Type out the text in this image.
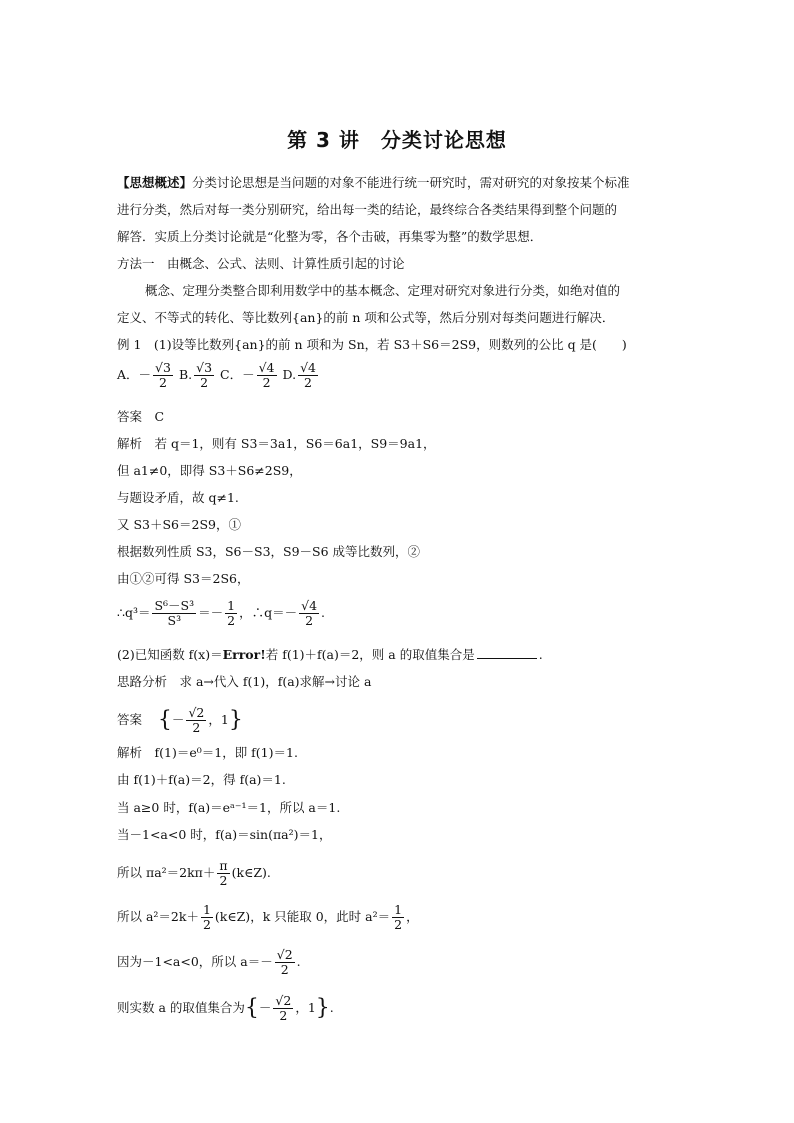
第 3 讲　分类讨论思想
【思想概述】分类讨论思想是当问题的对象不能进行统一研究时，需对研究的对象按某个标准
进行分类，然后对每一类分别研究，给出每一类的结论，最终综合各类结果得到整个问题的
解答．实质上分类讨论就是“化整为零，各个击破，再集零为整”的数学思想．
方法一　由概念、公式、法则、计算性质引起的讨论
概念、定理分类整合即利用数学中的基本概念、定理对研究对象进行分类，如绝对值的
定义、不等式的转化、等比数列{an}的前 n 项和公式等，然后分别对每类问题进行解决．
例 1　(1)设等比数列{an}的前 n 项和为 Sn，若 S3＋S6＝2S9，则数列的公比 q 是(　　)
A．－ $\frac{√3}{2} B$. $\frac{√3}{2}$ C．－ $\frac{√4}{2} D$. $\frac{√4}{2}$
答案　C
解析　若 q＝1，则有 S3＝3a1，S6＝6a1，S9＝9a1，
但 a1≠0，即得 S3＋S6≠2S9，
与题设矛盾，故 q≠1.
又 S3＋S6＝2S9，①
根据数列性质 S3，S6－S3，S9－S6 成等比数列，②
由①②可得 S3＝2S6，
∴q³＝ $\frac{\text{S⁶－S³}}{\text{S³}} =- \frac{1}{2}$ ，∴q＝－ $\frac{√4}{2}$ .
(2)已知函数 f(x)＝Error!若 f(1)＋f(a)＝2，则 a 的取值集合是	.
思路分析　求 a→代入 f(1)，f(a)求解→讨论 a
答案 {－ $\frac{√2}{2}$ ，1}
解析　f(1)＝e⁰＝1，即 f(1)＝1.
由 f(1)＋f(a)＝2，得 f(a)＝1.
当 a≥0 时，f(a)＝eᵃ⁻¹＝1，所以 a＝1.
当－1<a<0 时，f(a)＝sin(πa²)＝1，
所以 $\pi a^2=2k\pi+ \frac{\pi}{2}$ (k∈Z).
所以 $a^2=2k+ \frac{1}{2}$ (k∈Z)，k 只能取 0，此时 $a^2= \frac{1}{2}$ ，
因为－1<a<0，所以 $a=- \frac{√2}{2}$ .
则实数 a 的取值集合为{－ $\frac{√2}{2}$ ，1}.
